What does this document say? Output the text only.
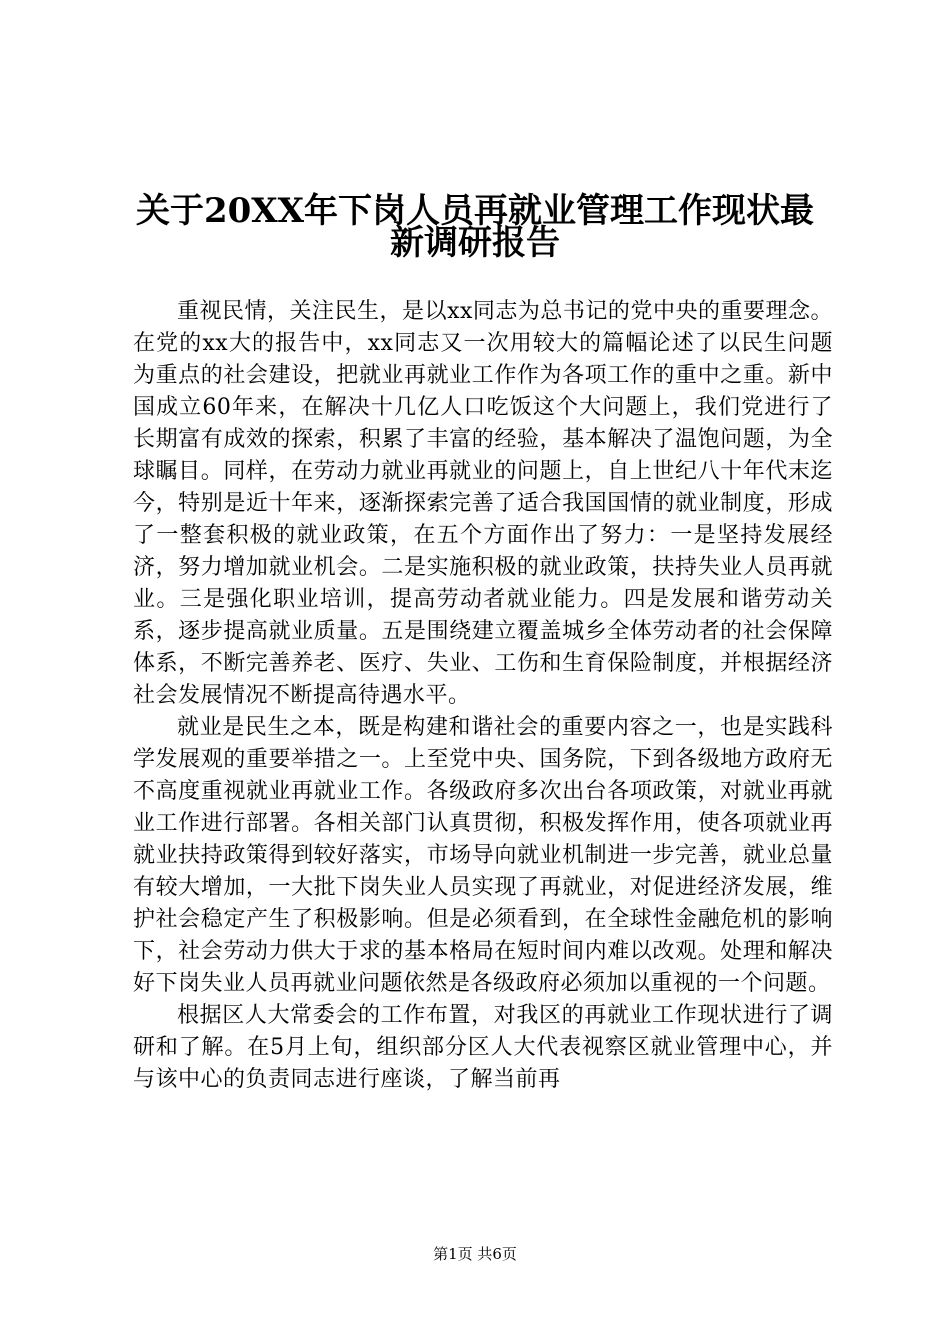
关于20XX年下岗人员再就业管理工作现状最
新调研报告

重视民情，关注民生，是以xx同志为总书记的党中央的重要理念。在党的xx大的报告中，xx同志又一次用较大的篇幅论述了以民生问题为重点的社会建设，把就业再就业工作作为各项工作的重中之重。新中国成立60年来，在解决十几亿人口吃饭这个大问题上，我们党进行了长期富有成效的探索，积累了丰富的经验，基本解决了温饱问题，为全球瞩目。同样，在劳动力就业再就业的问题上，自上世纪八十年代末迄今，特别是近十年来，逐渐探索完善了适合我国国情的就业制度，形成了一整套积极的就业政策，在五个方面作出了努力：一是坚持发展经济，努力增加就业机会。二是实施积极的就业政策，扶持失业人员再就业。三是强化职业培训，提高劳动者就业能力。四是发展和谐劳动关系，逐步提高就业质量。五是围绕建立覆盖城乡全体劳动者的社会保障体系，不断完善养老、医疗、失业、工伤和生育保险制度，并根据经济社会发展情况不断提高待遇水平。

就业是民生之本，既是构建和谐社会的重要内容之一，也是实践科学发展观的重要举措之一。上至党中央、国务院，下到各级地方政府无不高度重视就业再就业工作。各级政府多次出台各项政策，对就业再就业工作进行部署。各相关部门认真贯彻，积极发挥作用，使各项就业再就业扶持政策得到较好落实，市场导向就业机制进一步完善，就业总量有较大增加，一大批下岗失业人员实现了再就业，对促进经济发展，维护社会稳定产生了积极影响。但是必须看到，在全球性金融危机的影响下，社会劳动力供大于求的基本格局在短时间内难以改观。处理和解决好下岗失业人员再就业问题依然是各级政府必须加以重视的一个问题。

根据区人大常委会的工作布置，对我区的再就业工作现状进行了调研和了解。在5月上旬，组织部分区人大代表视察区就业管理中心，并与该中心的负责同志进行座谈，了解当前再

第1页 共6页
